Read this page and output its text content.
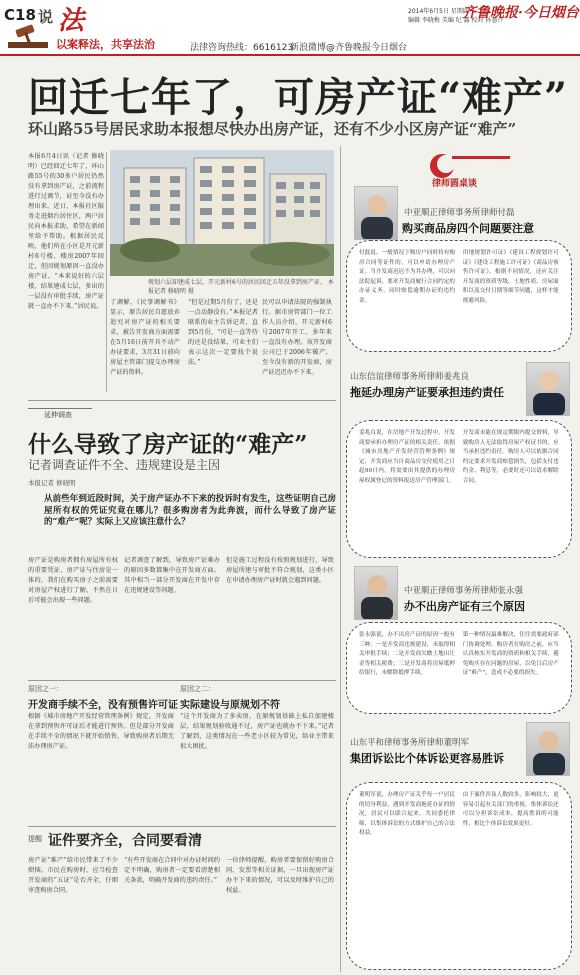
C18 说 法
以案释法，共享法治
2014年6月5日 星期四
编辑 李晓梅 美编 纪 露 校对 孙慧芹
齐鲁晚报·今日烟台
法律咨询热线：6616123
新浪微博@齐鲁晚报今日烟台
回迁七年了，可房产证“难产”
环山路55号居民求助本报想尽快办出房产证，还有不少小区房产证“难产”
本报6月4日讯（记者 修晓明）已经回迁七年了，环山路55号的30多户居民仍然没有拿到房产证，之前流程进行过调节，证至今没有办理出来。近日，本报社区服务走进烟台居住区，两户居民向本报求助，希望在新闻里给予帮助。根据居民反映，他们所在小区是开元新村6号楼，楼房2007年回迁，但因规划原因一直没办房产证。“本来说好的六层楼，结果建成七层，多出的一层没有审批手续，房产证就一直办不下来。”居民说。
规划六层却建成七层，开元新村6号的居民回迁五年没拿到房产证。 本报记者 修晓明 摄
了调解，《民事调解书》显示，原告居民自愿放弃追究对房产证的相关要求，被告开发商方面需要在5月16日前开具不动产办证要求，3月31日前向房屋主管部门提交办理房产证的资料。
“但是过期5月份了，还是一点动静没有。”本报记者联系的业主告诉记者，直到5月份，“可是一直等待的还是没结果，可业主们表示这次一定要找个说法。”
民可以申请法院的强制执行。据市房管部门一位工作人员介绍，开元新村6号2007年开工、多年来一直没有办理。该开发商公司已于2006年破产，至今没有新的开发商，房产证迟迟办不下来。
律师圆桌谈
中亚顺正律师事务所律师付磊
购买商品房四个问题要注意
付磊说，一般情况下购房户同时持有购房合同等证件的，可以申请办理房产证。当开发商迟迟不为其办理，可以向法院起诉，要求开发商履行合同约定的办证义务，同时赔偿逾期办证的违约金。 用地规划许可证》《建设工程规划许可证》《建设工程施工许可证》《商品房预售许可证》，根据不同情况，还应关注开发商的资质等级、土地性质、房屋面积以及交付日期等细节问题，这样才能规避风险。
山东信谊律师事务所律师姜兆良
拖延办理房产证要承担违约责任
姜兆良说，在房地产开发过程中，开发商要承担办理房产证的相关责任。依据《城市房地产开发经营管理条例》规定，开发商应当自商品房交付使用之日起90日内，将需要由其提供的办理房屋权属登记的资料报送房产管理部门。 开发商未能在规定期限内提交资料，导致购房人无法取得房屋产权证书的，应当承担违约责任。购房人可以依据合同约定要求开发商赔偿损失，包括支付违约金、利息等，必要时还可以请求解除合同。
中亚顺正律师事务所律师张永强
办不出房产证有三个原因
张永强说，办不出房产证的原因一般有三种：一是开发商违规建设，未取得相关审批手续；二是开发商欠缴土地出让金等相关税费；三是开发商将房屋抵押给银行，未解除抵押手续。 第一种情况最难解决，往往需要政府部门协调处理。购房者在购房之前，应当认真核实开发商的资质和相关手续，避免购买存在问题的房屋，以免日后房产证“难产”，造成不必要的损失。
山东平和律师事务所律师董明军
集团诉讼比个体诉讼更容易胜诉
董明军说，办理房产证关乎每一户居民的切身利益，遇到开发商拖延办证的情况，居民可以联合起来，共同委托律师，以集体诉讼的方式维护自己的合法权益。 由于案件涉及人数较多，影响较大，更容易引起有关部门的重视。集体诉讼还可以分担诉讼成本，提高胜诉的可能性，相比个体诉讼效果更好。
延伸调查
什么导致了房产证的“难产”
记者调查证件不全、违规建设是主因
本报记者 修晓明
从前些年到近段时间，关于房产证办不下来的投诉时有发生，这些证明自己房屋所有权的凭证究竟在哪儿？很多购房者为此奔波，而什么导致了房产证的“难产”呢？实际上又应该注意什么？
房产证是购房者拥有房屋所有权的重要凭证，房产证与住房是一体的，我们在购买房子之前需要对房屋产权进行了解，不然在日后可能会出现一些问题。
记者调查了解到，导致房产证难办的原因多数都集中在开发商方面。其中相当一部分开发商在开发中存在违规建设等问题。
但是施工过程没有按照规划进行，导致房屋所建与审批不符合规划，这类小区在申请办理房产证时就会遇到问题。
原因之一：
开发商手续不全，没有预售许可证
原因之二：
实际建设与原规划不符
根据《城市房地产开发经营管理条例》规定，开发商在拿到预售许可证后才能进行预售。但是部分开发商在手续不全的情况下就开始销售，导致购房者后期无法办理房产证。
“这个开发商为了多卖房，在原规划基础上私自加建楼层，结果规划验收通不过，房产证也就办不下来。”记者了解到，这类情况在一些老小区较为常见，给业主带来很大困扰。
提醒 证件要齐全，合同要看清
房产证“难产”给市民带来了不少烦恼。市民在购房时，应当检查开发商的“五证”是否齐全，仔细审查购房合同。
“有些开发商在合同中对办证时间约定不明确，购房者一定要看清楚相关条款，明确开发商的违约责任。”
一位律师提醒，购房者要保留好购房合同、发票等相关证据，一旦出现房产证办不下来的情况，可以及时维护自己的权益。
